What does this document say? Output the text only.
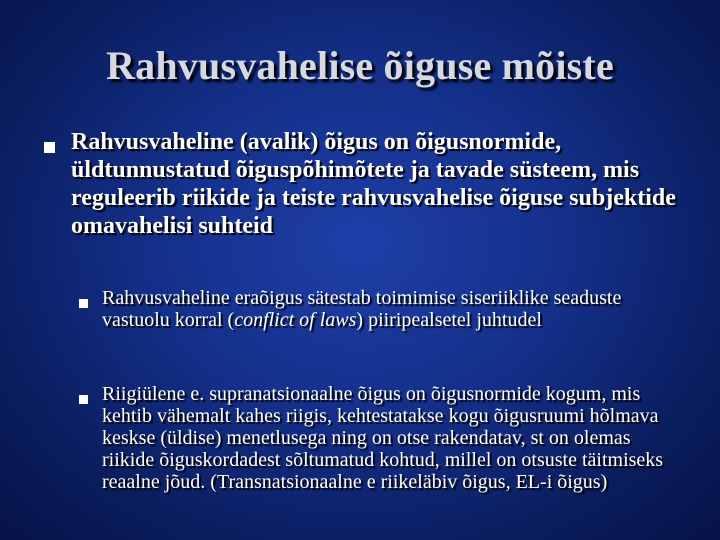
Rahvusvahelise õiguse mõiste
Rahvusvaheline (avalik) õigus on õigusnormide, üldtunnustatud õiguspõhimõtete ja tavade süsteem, mis reguleerib riikide ja teiste rahvusvahelise õiguse subjektide omavahelisi suhteid
Rahvusvaheline eraõigus sätestab toimimise siseriiklike seaduste vastuolu korral (conflict of laws) piiripealsetel juhtudel
Riigiülene e. supranatsionaalne õigus on õigusnormide kogum, mis kehtib vähemalt kahes riigis, kehtestatakse kogu õigusruumi hõlmava keskse (üldise) menetlusega ning on otse rakendatav, st on olemas riikide õiguskordadest sõltumatud kohtud, millel on otsuste täitmiseks reaalne jõud. (Transnatsionaalne e riikeläbiv õigus, EL-i õigus)
